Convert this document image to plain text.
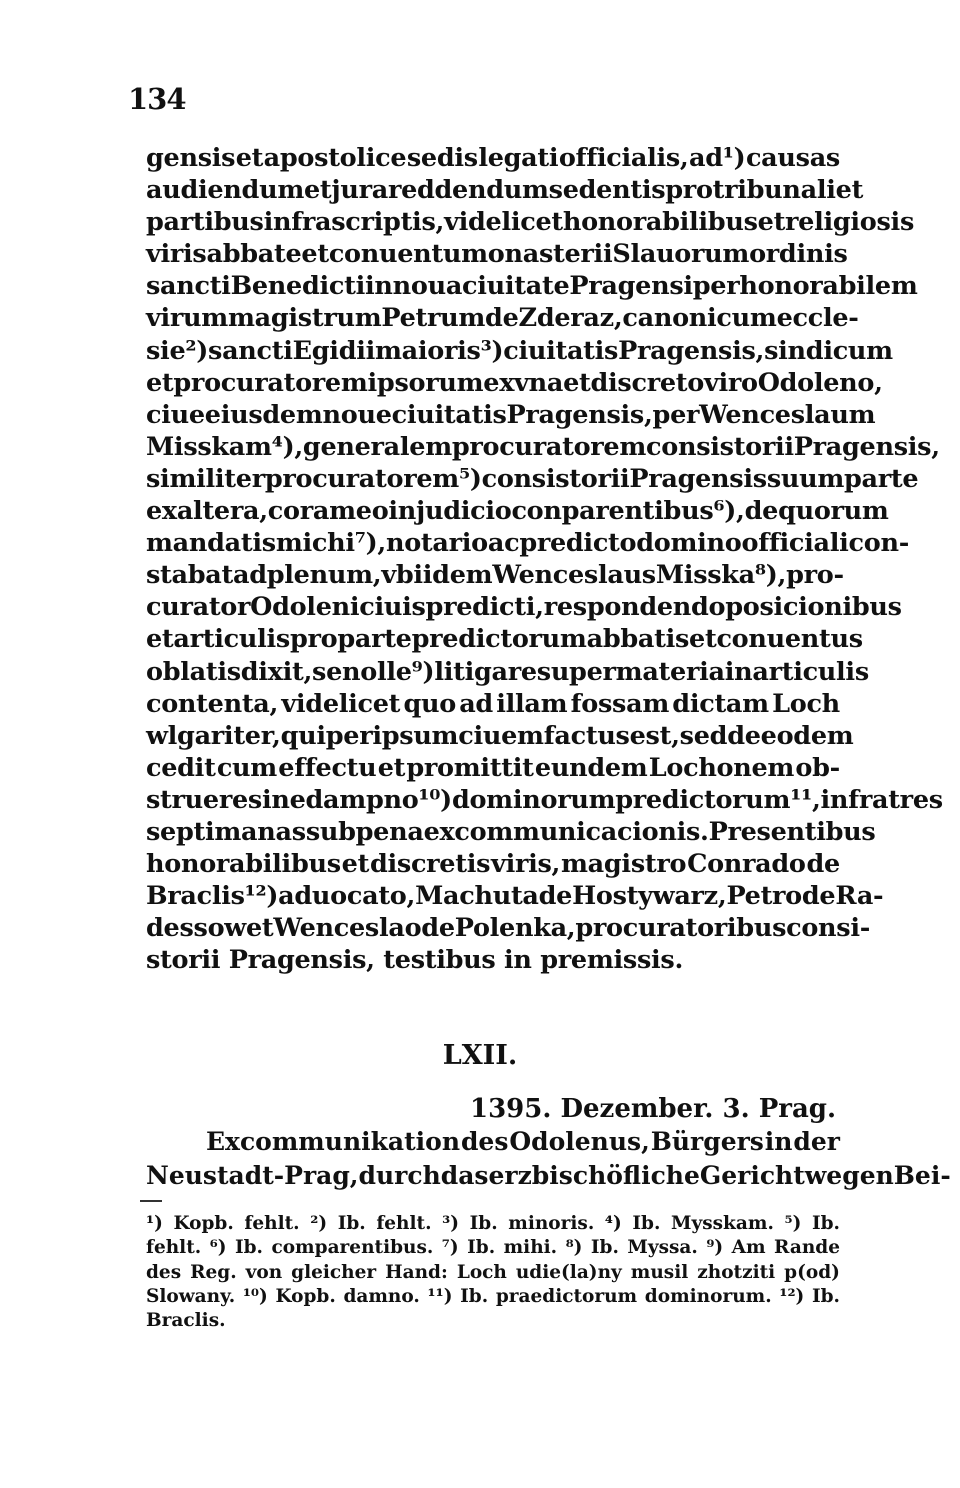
134
gensis et apostolice sedis legati officialis, ad¹) causas
audiendum et jura reddendum sedentis pro tribunali et
partibus infrascriptis, videlicet honorabilibus et religiosis
viris abbate et conuentu monasterii Slauorum ordinis
sancti Benedicti in noua ciuitate Pragensi per honorabilem
virum magistrum Petrum de Zderaz, canonicum eccle-
sie²) sancti Egidii maioris³) ciuitatis Pragensis, sindicum
et procuratorem ipsorum ex vna et discreto viro Odoleno,
ciue eiusdem noue ciuitatis Pragensis, per Wenceslaum
Misskam⁴), generalem procuratorem consistorii Pragensis,
similiter procuratorem⁵) consistorii Pragensis suum parte
ex altera, coram eo in judicio conparentibus⁶), de quorum
mandatis michi⁷), notario ac predicto domino officiali con-
stabat ad plenum, vbi idem Wenceslaus Misska⁸), pro-
curator Odoleni ciuis predicti, respondendo posicionibus
et articulis pro parte predictorum abbatis et conuentus
oblatis dixit, se nolle⁹) litigare super materia in articulis
contenta, videlicet quo ad illam fossam dictam Loch
wlgariter, qui per ipsum ciuem factus est, sed de eodem
cedit cum effectu et promittit eundem Lochonem ob-
struere sine dampno¹⁰) dominorum predictorum¹¹, infra tres
septimanas sub pena excommunicacionis. Presentibus
honorabilibus et discretis viris, magistro Conrado de
Braclis¹²) aduocato, Machuta de Hostywarz, Petro de Ra-
dessow et Wenceslao de Polenka, procuratoribus consi-
storii Pragensis, testibus in premissis.
LXII.
1395. Dezember. 3. Prag.
Excommunikation des Odolenus, Bürgers in der
Neustadt-Prag, durch das erzbischöfliche Gericht wegen Bei-
¹) Kopb. fehlt. ²) Ib. fehlt. ³) Ib. minoris. ⁴) Ib. Mysskam. ⁵) Ib.
fehlt. ⁶) Ib. comparentibus. ⁷) Ib. mihi. ⁸) Ib. Myssa. ⁹) Am Rande
des Reg. von gleicher Hand: Loch udie(la)ny musil zhotziti p(od)
Slowany. ¹⁰) Kopb. damno. ¹¹) Ib. praedictorum dominorum. ¹²) Ib.
Braclis.
